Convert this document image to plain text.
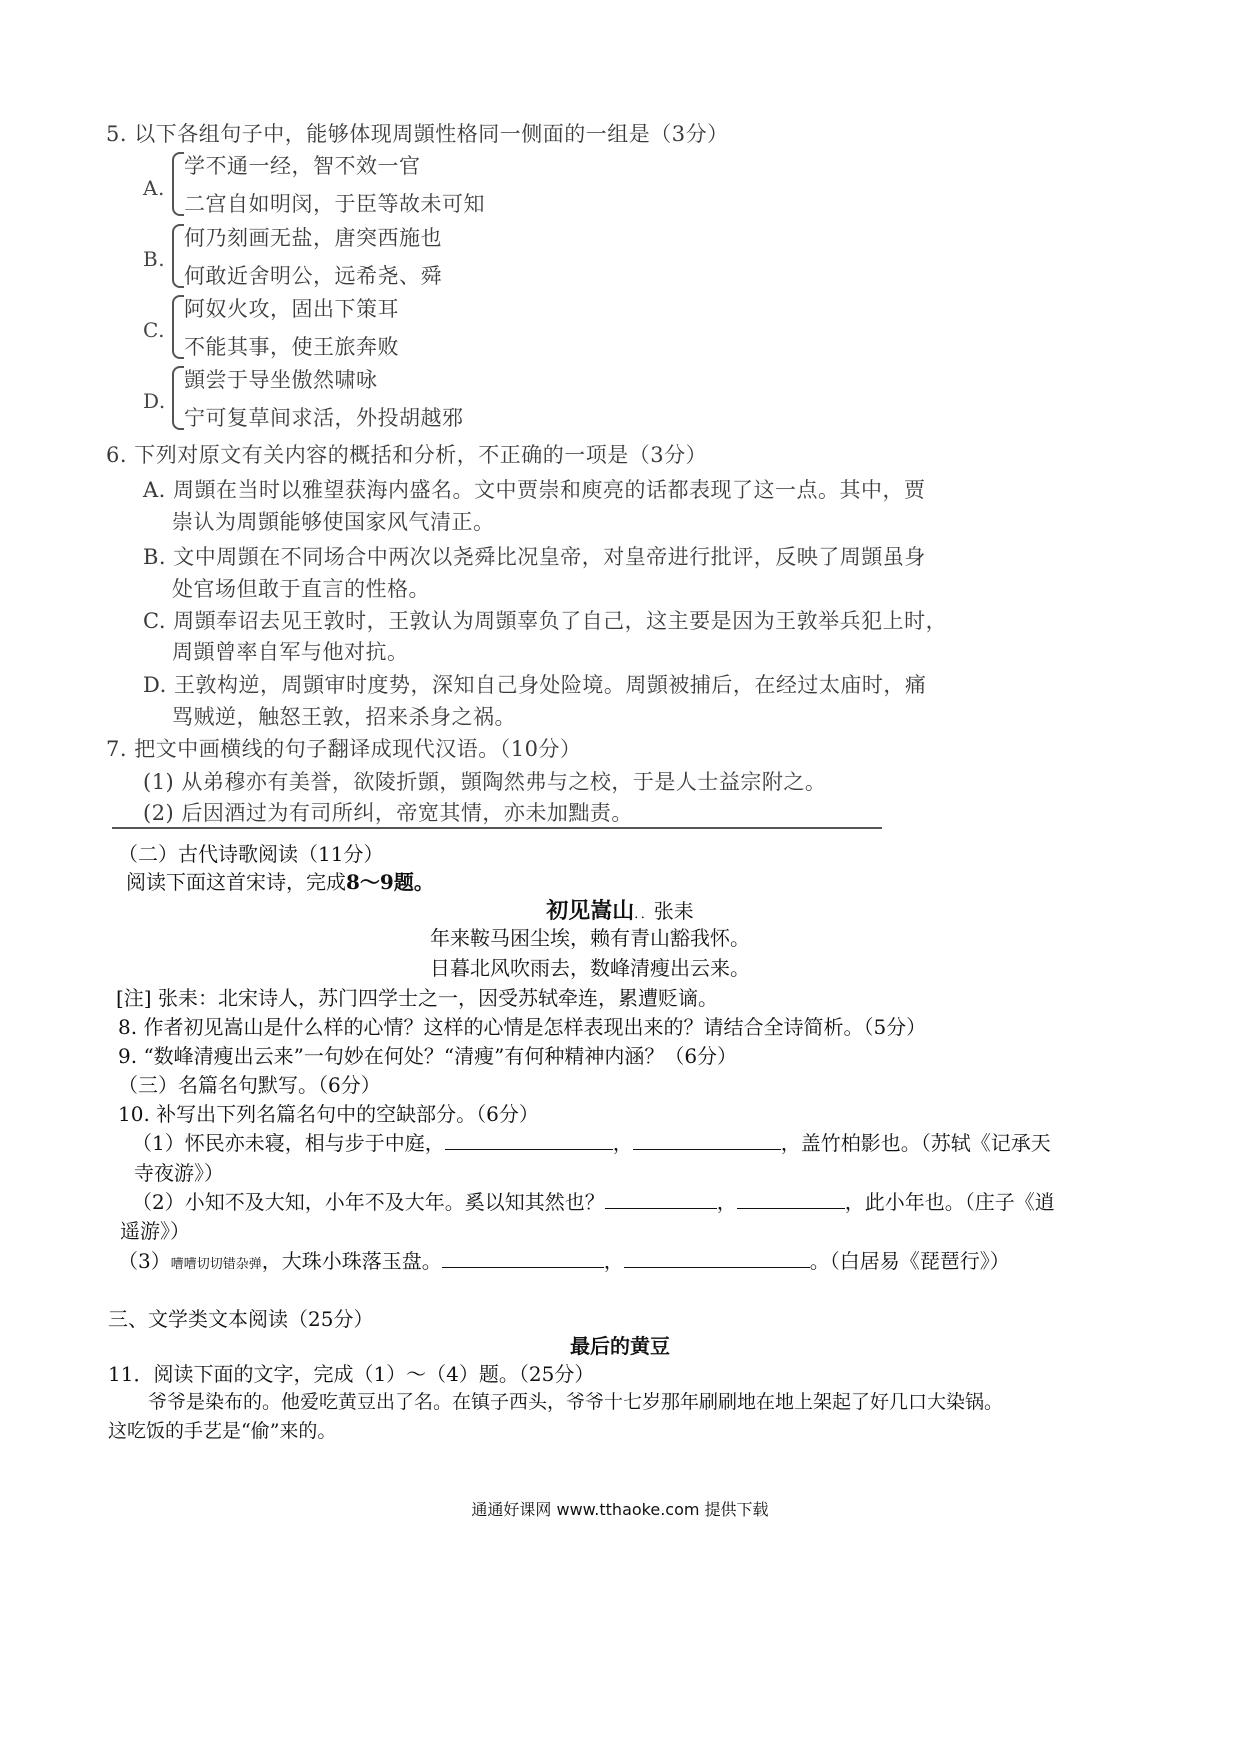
5. 以下各组句子中，能够体现周顗性格同一侧面的一组是（3分）
A.
学不通一经，智不效一官
二宫自如明闵，于臣等故未可知
B.
何乃刻画无盐，唐突西施也
何敢近舍明公，远希尧、舜
C.
阿奴火攻，固出下策耳
不能其事，使王旅奔败
D.
顗尝于导坐傲然啸咏
宁可复草间求活，外投胡越邪
6. 下列对原文有关内容的概括和分析，不正确的一项是（3分）
A. 周顗在当时以雅望获海内盛名。文中贾崇和庾亮的话都表现了这一点。其中，贾
崇认为周顗能够使国家风气清正。
B. 文中周顗在不同场合中两次以尧舜比况皇帝，对皇帝进行批评，反映了周顗虽身
处官场但敢于直言的性格。
C. 周顗奉诏去见王敦时，王敦认为周顗辜负了自己，这主要是因为王敦举兵犯上时，
周顗曾率自军与他对抗。
D. 王敦构逆，周顗审时度势，深知自己身处险境。周顗被捕后，在经过太庙时，痛
骂贼逆，触怒王敦，招来杀身之祸。
7. 把文中画横线的句子翻译成现代汉语。（10分）
(1) 从弟穆亦有美誉，欲陵折顗，顗陶然弗与之校，于是人士益宗附之。
(2) 后因酒过为有司所纠，帝宽其情，亦未加黜责。
（二）古代诗歌阅读（11分）
阅读下面这首宋诗，完成8～9题。
初见嵩山．．张耒
年来鞍马困尘埃，赖有青山豁我怀。
日暮北风吹雨去，数峰清瘦出云来。
[注] 张耒：北宋诗人，苏门四学士之一，因受苏轼牵连，累遭贬谪。
8. 作者初见嵩山是什么样的心情？这样的心情是怎样表现出来的？请结合全诗简析。（5分）
9. “数峰清瘦出云来”一句妙在何处？“清瘦”有何种精神内涵？（6分）
（三）名篇名句默写。（6分）
10. 补写出下列名篇名句中的空缺部分。（6分）
（1）怀民亦未寝，相与步于中庭，	，	，盖竹柏影也。（苏轼《记承天
寺夜游》）
（2）小知不及大知，小年不及大年。奚以知其然也？	，	，此小年也。（庄子《逍
遥游》）
（3）嘈嘈切切错杂弹，大珠小珠落玉盘。	，	。（白居易《琵琶行》）
三、文学类文本阅读（25分）
最后的黄豆
11．阅读下面的文字，完成（1）～（4）题。（25分）
爷爷是染布的。他爱吃黄豆出了名。在镇子西头，爷爷十七岁那年刷刷地在地上架起了好几口大染锅。
这吃饭的手艺是“偷”来的。
通通好课网 www.tthaoke.com 提供下载
